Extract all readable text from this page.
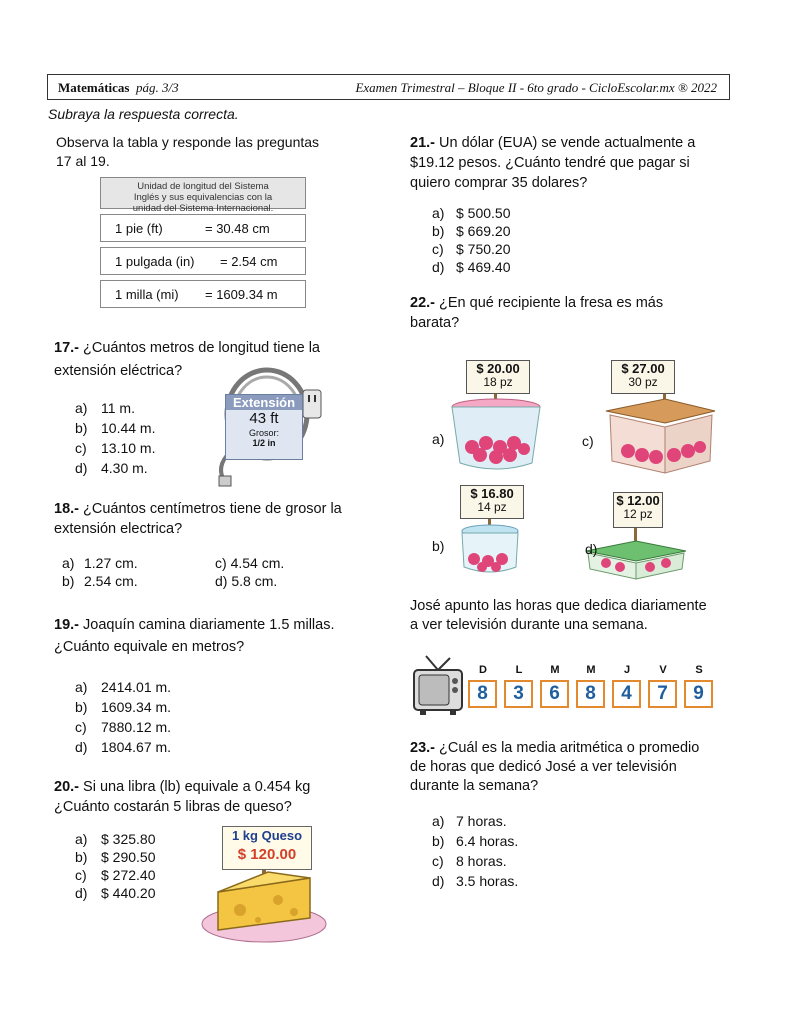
Matemáticas pág. 3/3	Examen Trimestral – Bloque II - 6to grado - CicloEscolar.mx ® 2022
Subraya la respuesta correcta.
Observa la tabla y responde las preguntas
17 al 19.
Unidad de longitud del Sistema
Inglés y sus equivalencias con la
unidad del Sistema Internacional.
1 pie (ft)	= 30.48 cm
1 pulgada (in) = 2.54 cm
1 milla (mi) = 1609.34 m
17.- ¿Cuántos metros de longitud tiene la
extensión eléctrica?
a) 11 m.
b) 10.44 m.
c) 13.10 m.
d) 4.30 m.
Extensión
43 ft
Grosor:
1/2 in
18.- ¿Cuántos centímetros tiene de grosor la
extensión electrica?
a) 1.27 cm.
b) 2.54 cm.
c) 4.54 cm.
d) 5.8 cm.
19.- Joaquín camina diariamente 1.5 millas.
¿Cuánto equivale en metros?
a) 2414.01 m.
b) 1609.34 m.
c) 7880.12 m.
d) 1804.67 m.
20.- Si una libra (lb) equivale a 0.454 kg
¿Cuánto costarán 5 libras de queso?
a) $ 325.80
b) $ 290.50
c) $ 272.40
d) $ 440.20
1 kg Queso
$ 120.00
21.- Un dólar (EUA) se vende actualmente a
$19.12 pesos. ¿Cuánto tendré que pagar si
quiero comprar 35 dolares?
a) $ 500.50
b) $ 669.20
c) $ 750.20
d) $ 469.40
22.- ¿En qué recipiente la fresa es más
barata?
$ 20.00
18 pz
$ 27.00
30 pz
$ 16.80
14 pz	$ 12.00
12 pz
a)	c)
b)	d)
José apunto las horas que dedica diariamente
a ver televisión durante una semana.
D	L	M	M	J	V	S
8	3	6	8	4	7	9
23.- ¿Cuál es la media aritmética o promedio
de horas que dedicó José a ver televisión
durante la semana?
a) 7 horas.
b) 6.4 horas.
c) 8 horas.
d) 3.5 horas.
